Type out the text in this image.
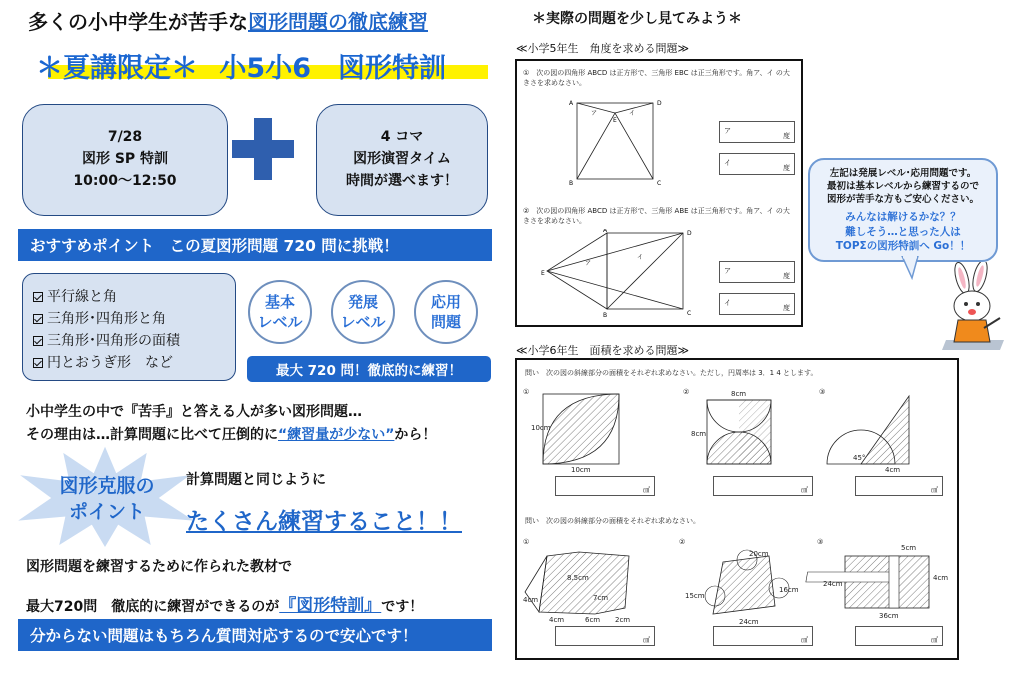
多くの小中学生が苦手な図形問題の徹底練習
＊夏講限定＊ 小5小6　図形特訓
7/28
図形 SP 特訓
10:00～12:50
4 コマ
図形演習タイム
時間が選べます！
おすすめポイント　この夏図形問題 720 問に挑戦！
平行線と角
三角形･四角形と角
三角形･四角形の面積
円とおうぎ形　など
基本
レベル
発展
レベル
応用
問題
最大 720 問！徹底的に練習！
小中学生の中で『苦手』と答える人が多い図形問題…
その理由は…計算問題に比べて圧倒的に“練習量が少ない”から！
図形克服の
ポイント
計算問題と同じように
たくさん練習すること！！
図形問題を練習するために作られた教材で
最大720問　徹底的に練習ができるのが『図形特訓』です！
分からない問題はもちろん質問対応するので安心です！
＊実際の問題を少し見てみよう＊
≪小学5年生　角度を求める問題≫
①　次の図の四角形 ABCD は正方形で、三角形 EBC は正三角形です。角ア、イ の大きさを求めなさい。
A	D
B	C
E
ア	イ
ア
度
イ
度
②　次の図の四角形 ABCD は正方形で、三角形 ABE は正三角形です。角ア、イ の大きさを求めなさい。
A	D
E
B	C
ア
イ
ア
度
イ
度
左記は発展レベル･応用問題です。
最初は基本レベルから練習するので
図形が苦手な方もご安心ください。
みんなは解けるかな？？
難しそう…と思った人は
TOPΣの図形特訓へ Go！！
≪小学6年生　面積を求める問題≫
問い　次の図の斜線部分の面積をそれぞれ求めなさい。ただし，円周率は 3．1 4 とします。
①
10cm
10cm
②	8cm
8cm
③
45°
4cm
㎠	㎠	㎠
問い　次の図の斜線部分の面積をそれぞれ求めなさい。
①
8.5cm
7cm
4cm
4cm	6cm 2cm
②
20cm
15cm
16cm
24cm
③
5cm
24cm
4cm
36cm
㎠	㎠	㎠
